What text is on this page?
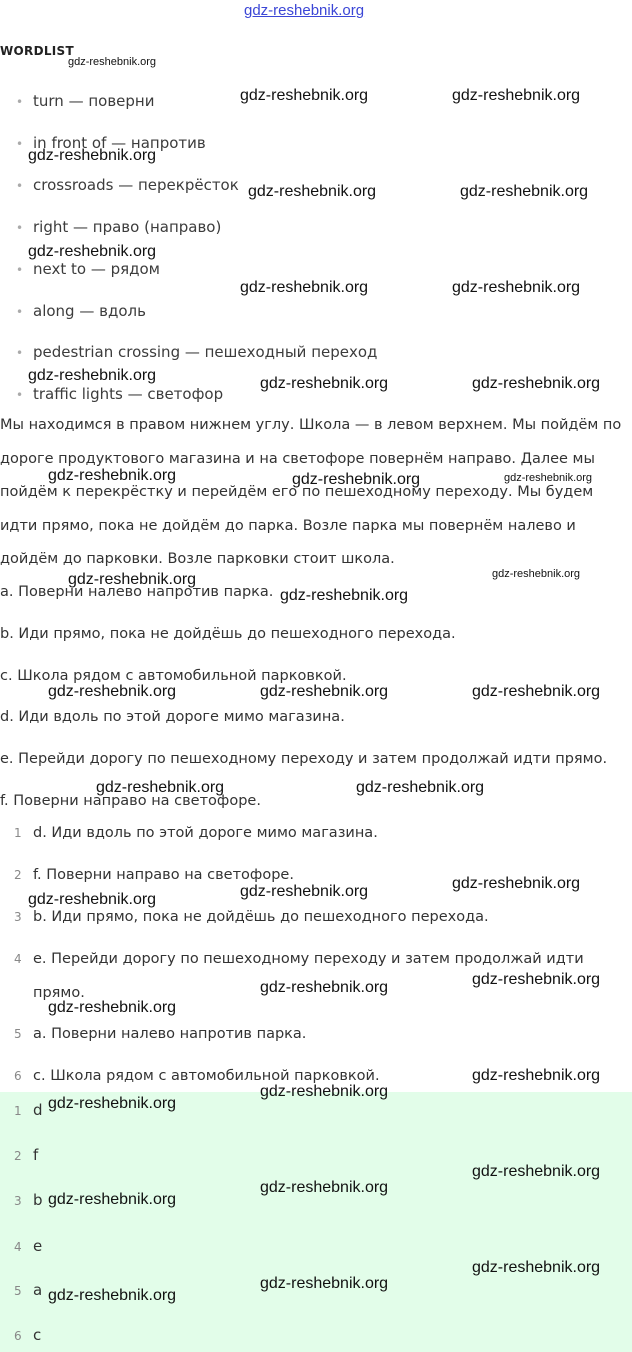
gdz-reshebnik.org
WORDLIST
• turn — поверни
• in front of — напротив
• crossroads — перекрёсток
• right — право (направо)
• next to — рядом
• along — вдоль
• pedestrian crossing — пешеходный переход
• traffic lights — светофор

Мы находимся в правом нижнем углу. Школа — в левом верхнем. Мы пойдём по дороге продуктового магазина и на светофоре повернём направо. Далее мы пойдём к перекрёстку и перейдём его по пешеходному переходу. Мы будем идти прямо, пока не дойдём до парка. Возле парка мы повернём налево и дойдём до парковки. Возле парковки стоит школа.

a. Поверни налево напротив парка.
b. Иди прямо, пока не дойдёшь до пешеходного перехода.
c. Школа рядом с автомобильной парковкой.
d. Иди вдоль по этой дороге мимо магазина.
e. Перейди дорогу по пешеходному переходу и затем продолжай идти прямо.
f. Поверни направо на светофоре.
1 d. Иди вдоль по этой дороге мимо магазина.
2 f. Поверни направо на светофоре.
3 b. Иди прямо, пока не дойдёшь до пешеходного перехода.
4 e. Перейди дорогу по пешеходному переходу и затем продолжай идти
прямо.
5 a. Поверни налево напротив парка.
6 c. Школа рядом с автомобильной парковкой.
1 d
2 f
3 b
4 e
5 a
6 c
gdz-reshebnik.org
gdz-reshebnik.org	gdz-reshebnik.org
gdz-reshebnik.org
gdz-reshebnik.org	gdz-reshebnik.org
gdz-reshebnik.org
gdz-reshebnik.org	gdz-reshebnik.org
gdz-reshebnik.org	gdz-reshebnik.org	gdz-reshebnik.org
gdz-reshebnik.org	gdz-reshebnik.org	gdz-reshebnik.org
gdz-reshebnik.org	gdz-reshebnik.org
gdz-reshebnik.org
gdz-reshebnik.org	gdz-reshebnik.org	gdz-reshebnik.org
gdz-reshebnik.org	gdz-reshebnik.org
gdz-reshebnik.org
gdz-reshebnik.org
gdz-reshebnik.org
gdz-reshebnik.org
gdz-reshebnik.org
gdz-reshebnik.org
gdz-reshebnik.org
gdz-reshebnik.org
gdz-reshebnik.org
gdz-reshebnik.org
gdz-reshebnik.org
gdz-reshebnik.org
gdz-reshebnik.org
gdz-reshebnik.org
gdz-reshebnik.org
